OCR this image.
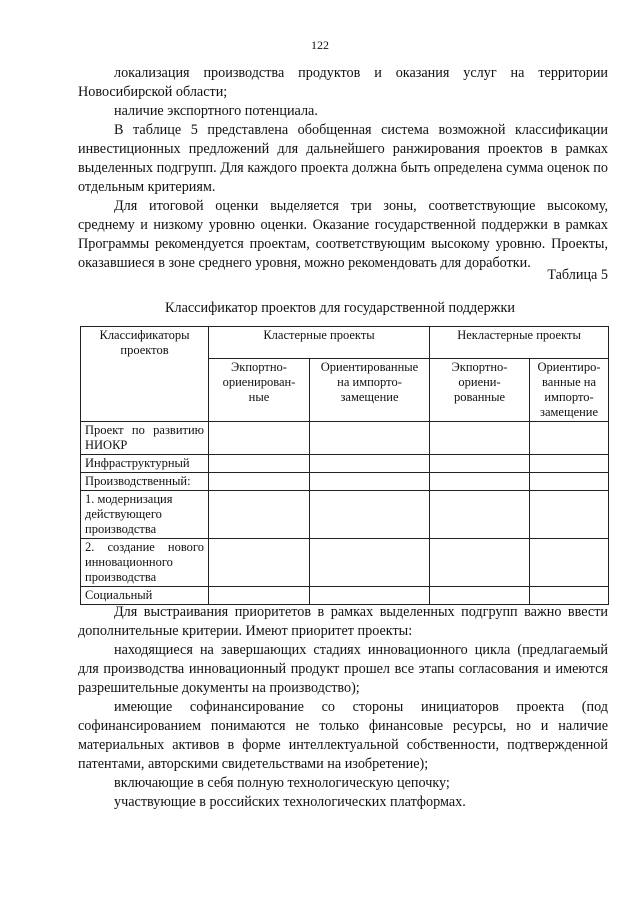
122

локализация производства продуктов и оказания услуг на территории Новосибирской области;

наличие экспортного потенциала.

В таблице 5 представлена обобщенная система возможной классификации инвестиционных предложений для дальнейшего ранжирования проектов в рамках выделенных подгрупп. Для каждого проекта должна быть определена сумма оценок по отдельным критериям.

Для итоговой оценки выделяется три зоны, соответствующие высокому, среднему и низкому уровню оценки. Оказание государственной поддержки в рамках Программы рекомендуется проектам, соответствующим высокому уровню. Проекты, оказавшиеся в зоне среднего уровня, можно рекомендовать для доработки.

Таблица 5
Классификатор проектов для государственной поддержки
Классификаторы проектов	Кластерные проекты		Некластерные проекты	
	Экпортно-ориенирован-ные	Ориентированные на импорто-замещение	Экпортно-ориени-рованные	Ориентиро-ванные на импорто-замещение

Проект по развитию НИОКР				

Инфраструктурный				
Производственный:				
1. модернизация действующего производства				

2. создание нового инновационного производства				

Социальный				

Для выстраивания приоритетов в рамках выделенных подгрупп важно ввести дополнительные критерии. Имеют приоритет проекты:

находящиеся на завершающих стадиях инновационного цикла (предлагаемый для производства инновационный продукт прошел все этапы согласования и имеются разрешительные документы на производство);

имеющие софинансирование со стороны инициаторов проекта (под софинансированием понимаются не только финансовые ресурсы, но и наличие материальных активов в форме интеллектуальной собственности, подтвержденной патентами, авторскими свидетельствами на изобретение);

включающие в себя полную технологическую цепочку;

участвующие в российских технологических платформах.
